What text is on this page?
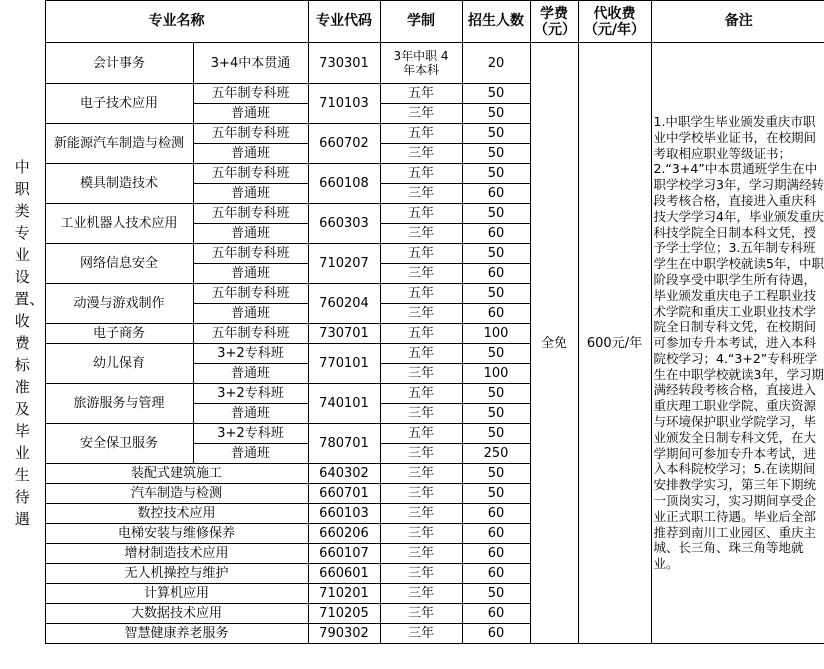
	专业名称		专业代码	学制	招生人数	学费（元）	代收费（元/年）	备注	

中职类专业设置、收费标准及毕业生待遇	会计事务	3+4中本贯通	730301	3年中职 4年本科	20	全免	600元/年	1.中职学生毕业颁发重庆市职业中学校毕业证书，在校期间考取相应职业等级证书；2.“3+4”中本贯通班学生在中职学校学习3年，学习期满经转段考核合格，直接进入重庆科技大学学习4年，毕业颁发重庆科技学院全日制本科文凭，授予学士学位；3.五年制专科班学生在中职学校就读5年，中职阶段享受中职学生所有待遇，毕业颁发重庆电子工程职业技术学院和重庆工业职业技术学院全日制专科文凭，在校期间可参加专升本考试，进入本科院校学习；4.“3+2”专科班学生在中职学校就读3年，学习期满经转段考核合格，直接进入重庆理工职业学院、重庆资源与环境保护职业学院学习，毕业颁发全日制专科文凭，在大学期间可参加专升本考试，进入本科院校学习；5.在读期间安排教学实习，第三年下期统一顶岗实习，实习期间享受企业正式职工待遇。毕业后全部推荐到南川工业园区、重庆主城、长三角、珠三角等地就业。	
	电子技术应用	五年制专科班	710103	五年	50				
		普通班		三年	50				
	新能源汽车制造与检测	五年制专科班	660702	五年	50				
		普通班		三年	50				
	模具制造技术	五年制专科班	660108	五年	50				
		普通班		三年	60				
	工业机器人技术应用	五年制专科班	660303	五年	50				
		普通班		三年	60				
	网络信息安全	五年制专科班	710207	五年	50				
		普通班		三年	60				
	动漫与游戏制作	五年制专科班	760204	五年	50				
		普通班		三年	60				
	电子商务	五年制专科班	730701	五年	100				
	幼儿保育	3+2专科班	770101	五年	50				
		普通班		三年	100				
	旅游服务与管理	3+2专科班	740101	五年	50				
		普通班		三年	50				
	安全保卫服务	3+2专科班	780701	五年	50				
		普通班		三年	250				
	装配式建筑施工		640302	三年	50				
	汽车制造与检测		660701	三年	50				
	数控技术应用		660103	三年	60				
	电梯安装与维修保养		660206	三年	60				
	增材制造技术应用		660107	三年	60				
	无人机操控与维护		660601	三年	60				
	计算机应用		710201	三年	50				
	大数据技术应用		710205	三年	60				
	智慧健康养老服务		790302	三年	60				
